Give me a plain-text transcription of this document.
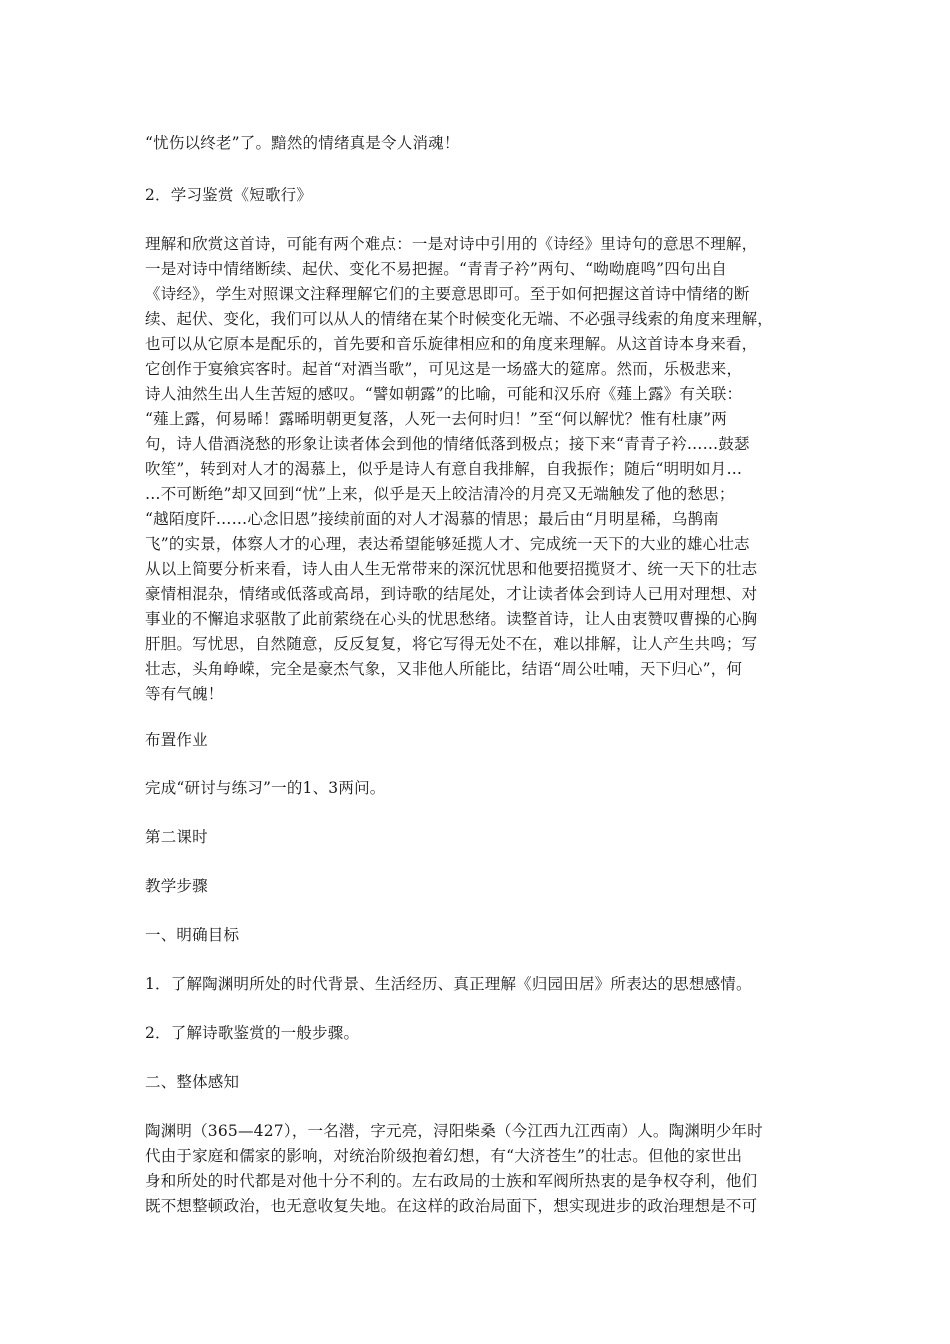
“忧伤以终老”了。黯然的情绪真是令人消魂！
2．学习鉴赏《短歌行》
理解和欣赏这首诗，可能有两个难点：一是对诗中引用的《诗经》里诗句的意思不理解，
一是对诗中情绪断续、起伏、变化不易把握。“青青子衿”两句、“呦呦鹿鸣”四句出自
《诗经》，学生对照课文注释理解它们的主要意思即可。至于如何把握这首诗中情绪的断
续、起伏、变化，我们可以从人的情绪在某个时候变化无端、不必强寻线索的角度来理解，
也可以从它原本是配乐的，首先要和音乐旋律相应和的角度来理解。从这首诗本身来看，
它创作于宴飨宾客时。起首“对酒当歌”，可见这是一场盛大的筵席。然而，乐极悲来，
诗人油然生出人生苦短的感叹。“譬如朝露”的比喻，可能和汉乐府《薤上露》有关联：
“薤上露，何易晞！露晞明朝更复落，人死一去何时归！”至“何以解忧？惟有杜康”两
句，诗人借酒浇愁的形象让读者体会到他的情绪低落到极点；接下来“青青子衿……鼓瑟
吹笙”，转到对人才的渴慕上，似乎是诗人有意自我排解，自我振作；随后“明明如月…
…不可断绝”却又回到“忧”上来，似乎是天上皎洁清冷的月亮又无端触发了他的愁思；
“越陌度阡……心念旧恩”接续前面的对人才渴慕的情思；最后由“月明星稀，乌鹊南
飞”的实景，体察人才的心理，表达希望能够延揽人才、完成统一天下的大业的雄心壮志
从以上简要分析来看，诗人由人生无常带来的深沉忧思和他要招揽贤才、统一天下的壮志
豪情相混杂，情绪或低落或高昂，到诗歌的结尾处，才让读者体会到诗人已用对理想、对
事业的不懈追求驱散了此前萦绕在心头的忧思愁绪。读整首诗，让人由衷赞叹曹操的心胸
肝胆。写忧思，自然随意，反反复复，将它写得无处不在，难以排解，让人产生共鸣；写
壮志，头角峥嵘，完全是豪杰气象，又非他人所能比，结语“周公吐哺，天下归心”，何
等有气魄！
布置作业
完成“研讨与练习”一的1、3两问。
第二课时
教学步骤
一、明确目标
1．了解陶渊明所处的时代背景、生活经历、真正理解《归园田居》所表达的思想感情。
2．了解诗歌鉴赏的一般步骤。
二、整体感知
陶渊明（365—427），一名潜，字元亮，浔阳柴桑（今江西九江西南）人。陶渊明少年时
代由于家庭和儒家的影响，对统治阶级抱着幻想，有“大济苍生”的壮志。但他的家世出
身和所处的时代都是对他十分不利的。左右政局的士族和军阀所热衷的是争权夺利，他们
既不想整顿政治，也无意收复失地。在这样的政治局面下，想实现进步的政治理想是不可
